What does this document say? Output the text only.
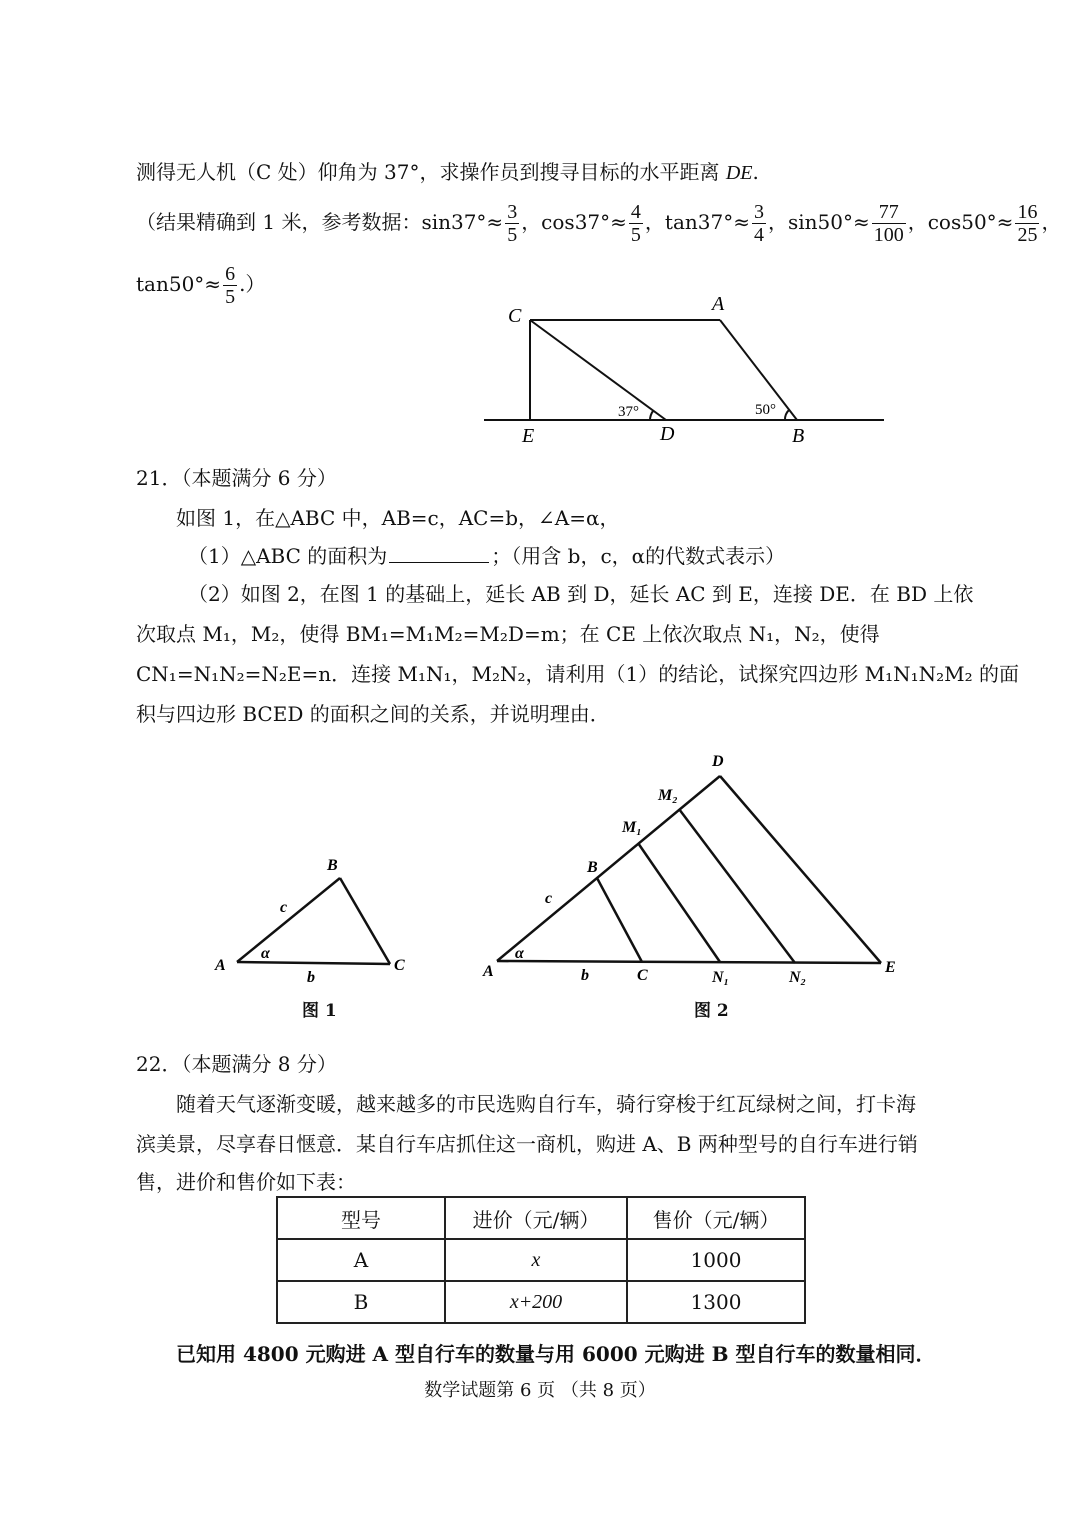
测得无人机（C 处）仰角为 37°，求操作员到搜寻目标的水平距离 DE.
（结果精确到 1 米，参考数据：$\sin 37^\circ\approx \frac{3}{5}$ ，$\cos 37^\circ\approx \frac{4}{5}$ ，$\tan 37^\circ\approx \frac{3}{4}$ ，$\sin 50^\circ\approx \frac{77}{100}$ ，$\cos 50^\circ\approx \frac{16}{25}$ ，
$\tan 50^\circ\approx \frac{6}{5}$ .）
C
A
E	D	B
37°	50°
21．（本题满分 6 分）
如图 1，在△ABC 中，AB=c，AC=b，∠A=α，
（1）△ABC 的面积为	；（用含 b，c，α的代数式表示）
（2）如图 2，在图 1 的基础上，延长 AB 到 D，延长 AC 到 E，连接 DE．在 BD 上依
次取点 M₁，M₂，使得 BM₁=M₁M₂=M₂D=m；在 CE 上依次取点 N₁，N₂，使得
CN₁=N₁N₂=N₂E=n．连接 M₁N₁，M₂N₂，请利用（1）的结论，试探究四边形 M₁N₁N₂M₂ 的面
积与四边形 BCED 的面积之间的关系，并说明理由．
B
A	C
c
b
α
图 1
D
M₂
M₁
B
c
A
α
b	C	N₁	N₂
E
图 2
22．（本题满分 8 分）
随着天气逐渐变暖，越来越多的市民选购自行车，骑行穿梭于红瓦绿树之间，打卡海
滨美景，尽享春日惬意．某自行车店抓住这一商机，购进 A、B 两种型号的自行车进行销
售，进价和售价如下表：
型号	进价（元/辆）	售价（元/辆）
A	x	1000
B	x+200	1300
已知用 4800 元购进 A 型自行车的数量与用 6000 元购进 B 型自行车的数量相同．
数学试题第 6 页 （共 8 页）
